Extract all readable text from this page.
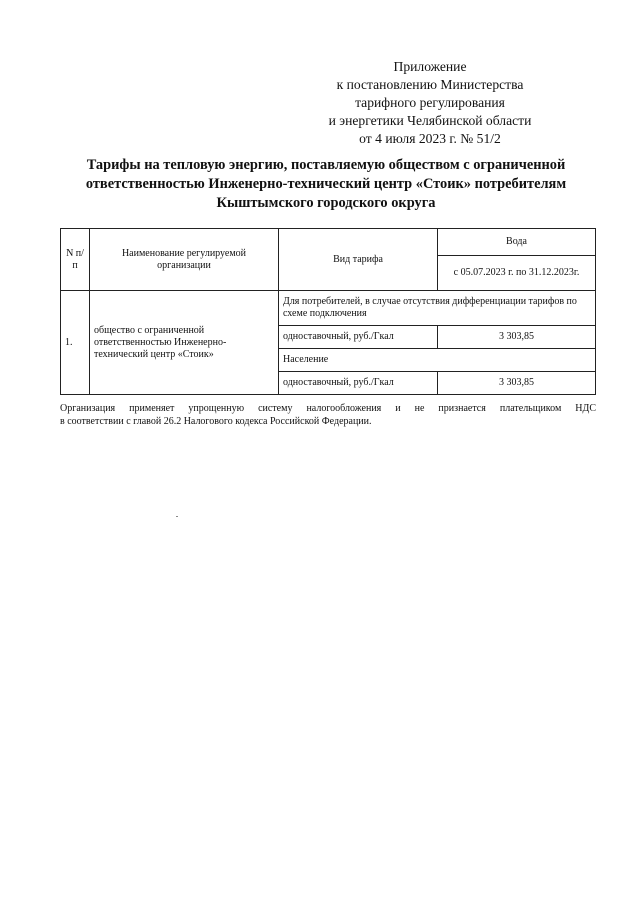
Приложение
к постановлению Министерства
тарифного регулирования
и энергетики Челябинской области
от 4 июля 2023 г. № 51/2
Тарифы на тепловую энергию, поставляемую обществом с ограниченной
ответственностью Инженерно-технический центр «Стоик» потребителям
Кыштымского городского округа
N п/п	Наименование регулируемой организации	Вид тарифа	Вода
			с 05.07.2023 г. по 31.12.2023г.
1.	общество с ограниченной ответственностью Инженерно-технический центр «Стоик»	Для потребителей, в случае отсутствия дифференциации тарифов по схеме подключения	
		одноставочный, руб./Гкал	3 303,85
		Население	
		одноставочный, руб./Гкал	3 303,85
Организация применяет упрощенную систему налогообложения и не признается плательщиком НДС
в соответствии с главой 26.2 Налогового кодекса Российской Федерации.
